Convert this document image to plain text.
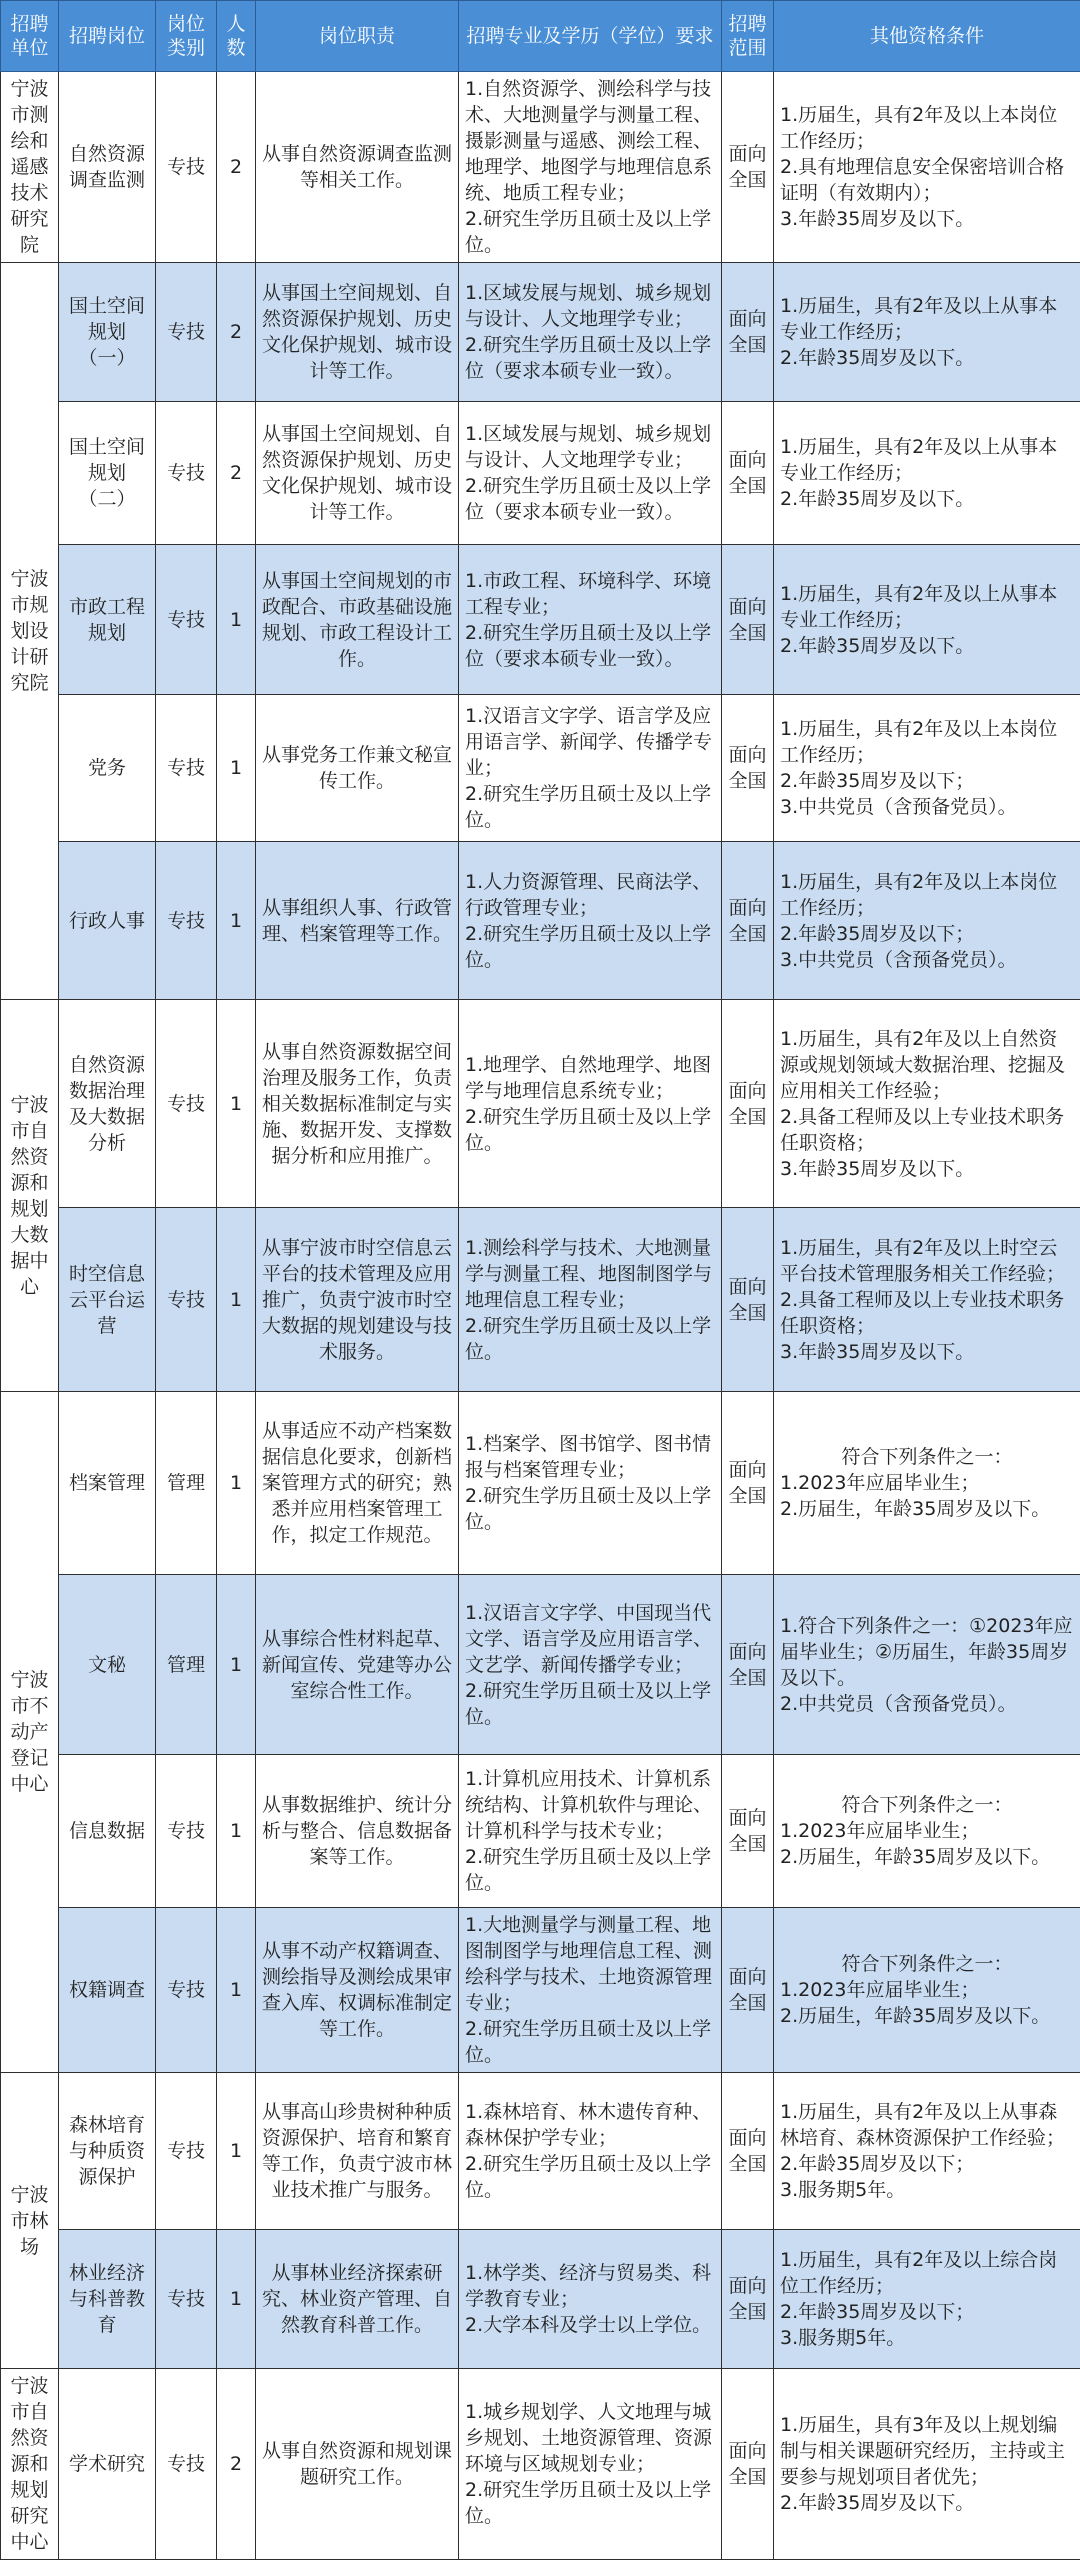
招聘单位	招聘岗位	岗位类别	人数	岗位职责	招聘专业及学历（学位）要求	招聘范围	其他资格条件
宁波市测绘和遥感技术研究院	自然资源调查监测	专技	2	从事自然资源调查监测等相关工作。	1.自然资源学、测绘科学与技术、大地测量学与测量工程、摄影测量与遥感、测绘工程、地理学、地图学与地理信息系统、地质工程专业；
2.研究生学历且硕士及以上学位。	面向全国	1.历届生，具有2年及以上本岗位工作经历；
2.具有地理信息安全保密培训合格证明（有效期内）；
3.年龄35周岁及以下。

宁波市规划设计研究院	国土空间规划（一）	专技	2	从事国土空间规划、自然资源保护规划、历史文化保护规划、城市设计等工作。	1.区域发展与规划、城乡规划与设计、人文地理学专业；
2.研究生学历且硕士及以上学位（要求本硕专业一致）。	面向全国	1.历届生，具有2年及以上从事本专业工作经历；
2.年龄35周岁及以下。

	国土空间规划（二）	专技	2	从事国土空间规划、自然资源保护规划、历史文化保护规划、城市设计等工作。	1.区域发展与规划、城乡规划与设计、人文地理学专业；
2.研究生学历且硕士及以上学位（要求本硕专业一致）。	面向全国	1.历届生，具有2年及以上从事本专业工作经历；
2.年龄35周岁及以下。

	市政工程规划	专技	1	从事国土空间规划的市政配合、市政基础设施规划、市政工程设计工作。	1.市政工程、环境科学、环境工程专业；
2.研究生学历且硕士及以上学位（要求本硕专业一致）。	面向全国	1.历届生，具有2年及以上从事本专业工作经历；
2.年龄35周岁及以下。

	党务	专技	1	从事党务工作兼文秘宣传工作。	1.汉语言文字学、语言学及应用语言学、新闻学、传播学专业；
2.研究生学历且硕士及以上学位。	面向全国	1.历届生，具有2年及以上本岗位工作经历；
2.年龄35周岁及以下；
3.中共党员（含预备党员）。

	行政人事	专技	1	从事组织人事、行政管理、档案管理等工作。	1.人力资源管理、民商法学、行政管理专业；
2.研究生学历且硕士及以上学位。	面向全国	1.历届生，具有2年及以上本岗位工作经历；
2.年龄35周岁及以下；
3.中共党员（含预备党员）。

宁波市自然资源和规划大数据中心	自然资源数据治理及大数据分析	专技	1	从事自然资源数据空间治理及服务工作，负责相关数据标准制定与实施、数据开发、支撑数据分析和应用推广。	1.地理学、自然地理学、地图学与地理信息系统专业；
2.研究生学历且硕士及以上学位。	面向全国	1.历届生，具有2年及以上自然资源或规划领域大数据治理、挖掘及应用相关工作经验；
2.具备工程师及以上专业技术职务任职资格；
3.年龄35周岁及以下。

	时空信息云平台运营	专技	1	从事宁波市时空信息云平台的技术管理及应用推广，负责宁波市时空大数据的规划建设与技术服务。	1.测绘科学与技术、大地测量学与测量工程、地图制图学与地理信息工程专业；
2.研究生学历且硕士及以上学位。	面向全国	1.历届生，具有2年及以上时空云平台技术管理服务相关工作经验；
2.具备工程师及以上专业技术职务任职资格；
3.年龄35周岁及以下。

宁波市不动产登记中心	档案管理	管理	1	从事适应不动产档案数据信息化要求，创新档案管理方式的研究；熟悉并应用档案管理工作，拟定工作规范。	1.档案学、图书馆学、图书情报与档案管理专业；
2.研究生学历且硕士及以上学位。	面向全国	符合下列条件之一：
1.2023年应届毕业生；
2.历届生，年龄35周岁及以下。

	文秘	管理	1	从事综合性材料起草、新闻宣传、党建等办公室综合性工作。	1.汉语言文字学、中国现当代文学、语言学及应用语言学、文艺学、新闻传播学专业；
2.研究生学历且硕士及以上学位。	面向全国	1.符合下列条件之一：①2023年应届毕业生；②历届生，年龄35周岁及以下。
2.中共党员（含预备党员）。

	信息数据	专技	1	从事数据维护、统计分析与整合、信息数据备案等工作。	1.计算机应用技术、计算机系统结构、计算机软件与理论、计算机科学与技术专业；
2.研究生学历且硕士及以上学位。	面向全国	符合下列条件之一：
1.2023年应届毕业生；
2.历届生，年龄35周岁及以下。

	权籍调查	专技	1	从事不动产权籍调查、测绘指导及测绘成果审查入库、权调标准制定等工作。	1.大地测量学与测量工程、地图制图学与地理信息工程、测绘科学与技术、土地资源管理专业；
2.研究生学历且硕士及以上学位。	面向全国	符合下列条件之一：
1.2023年应届毕业生；
2.历届生，年龄35周岁及以下。

宁波市林场	森林培育与种质资源保护	专技	1	从事高山珍贵树种种质资源保护、培育和繁育等工作，负责宁波市林业技术推广与服务。	1.森林培育、林木遗传育种、森林保护学专业；
2.研究生学历且硕士及以上学位。	面向全国	1.历届生，具有2年及以上从事森林培育、森林资源保护工作经验；
2.年龄35周岁及以下；
3.服务期5年。

	林业经济与科普教育	专技	1	从事林业经济探索研究、林业资产管理、自然教育科普工作。	1.林学类、经济与贸易类、科学教育专业；
2.大学本科及学士以上学位。	面向全国	1.历届生，具有2年及以上综合岗位工作经历；
2.年龄35周岁及以下；
3.服务期5年。

宁波市自然资源和规划研究中心	学术研究	专技	2	从事自然资源和规划课题研究工作。	1.城乡规划学、人文地理与城乡规划、土地资源管理、资源环境与区域规划专业；
2.研究生学历且硕士及以上学位。	面向全国	1.历届生，具有3年及以上规划编制与相关课题研究经历，主持或主要参与规划项目者优先；
2.年龄35周岁及以下。
